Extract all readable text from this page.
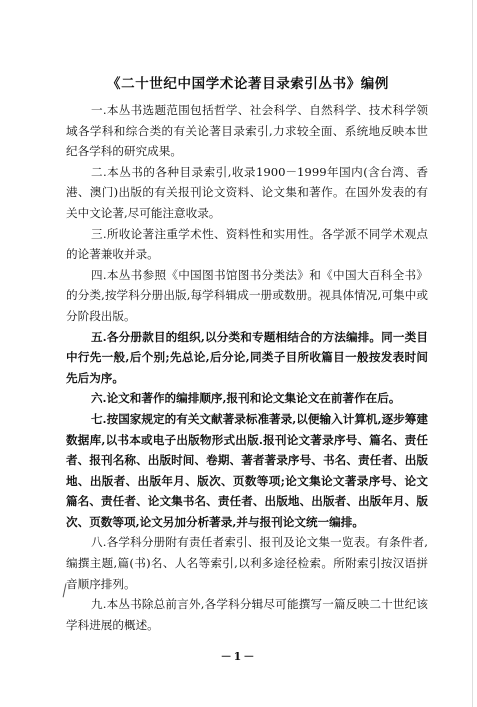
《二十世纪中国学术论著目录索引丛书》编例

一.本丛书选题范围包括哲学、社会科学、自然科学、技术科学领域各学科和综合类的有关论著目录索引,力求较全面、系统地反映本世纪各学科的研究成果。

二.本丛书的各种目录索引,收录1900－1999年国内(含台湾、香港、澳门)出版的有关报刊论文资料、论文集和著作。在国外发表的有关中文论著,尽可能注意收录。

三.所收论著注重学术性、资料性和实用性。各学派不同学术观点的论著兼收并录。

四.本丛书参照《中国图书馆图书分类法》和《中国大百科全书》的分类,按学科分册出版,每学科辑成一册或数册。视具体情况,可集中或分阶段出版。

五.各分册款目的组织,以分类和专题相结合的方法编排。同一类目中行先一般,后个别;先总论,后分论,同类子目所收篇目一般按发表时间先后为序。

六.论文和著作的编排顺序,报刊和论文集论文在前著作在后。

七.按国家规定的有关文献著录标准著录,以便输入计算机,逐步筹建数据库,以书本或电子出版物形式出版.报刊论文著录序号、篇名、责任者、报刊名称、出版时间、卷期、著者著录序号、书名、责任者、出版地、出版者、出版年月、版次、页数等项;论文集论文著录序号、论文篇名、责任者、论文集书名、责任者、出版地、出版者、出版年月、版次、页数等项,论文另加分析著录,并与报刊论文统一编排。

八.各学科分册附有责任者索引、报刊及论文集一览表。有条件者,编撰主题,篇(书)名、人名等索引,以利多途径检索。所附索引按汉语拼音顺序排列。

九.本丛书除总前言外,各学科分辑尽可能撰写一篇反映二十世纪该学科进展的概述。

－1－
